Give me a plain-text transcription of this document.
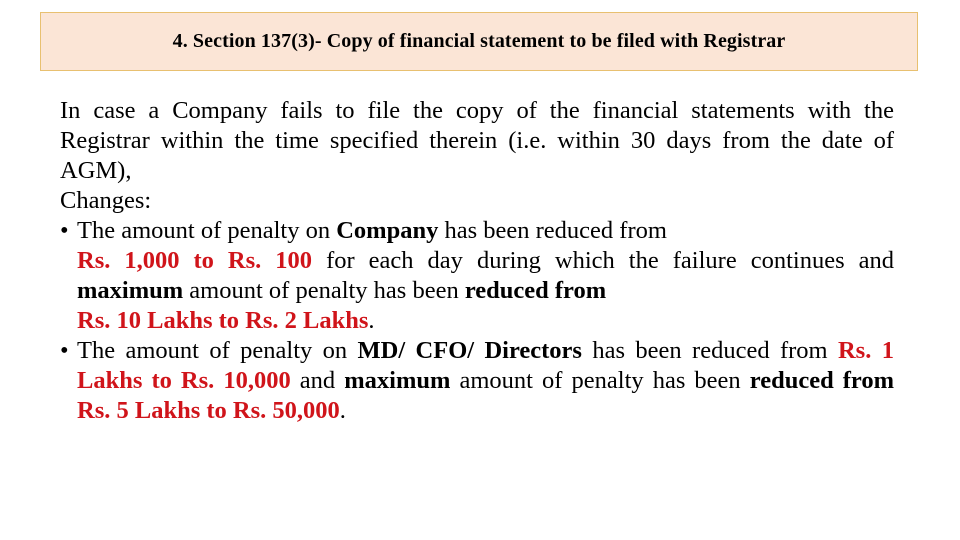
4. Section 137(3)- Copy of financial statement to be filed with Registrar

In case a Company fails to file the copy of the financial statements with the Registrar within the time specified therein (i.e. within 30 days from the date of AGM),

Changes:

• The amount of penalty on Company has been reduced from
Rs. 1,000 to Rs. 100 for each day during which the failure continues and maximum amount of penalty has been reduced from
Rs. 10 Lakhs to Rs. 2 Lakhs.

• The amount of penalty on MD/ CFO/ Directors has been reduced from Rs. 1 Lakhs to Rs. 10,000 and maximum amount of penalty has been reduced from Rs. 5 Lakhs to Rs. 50,000.
